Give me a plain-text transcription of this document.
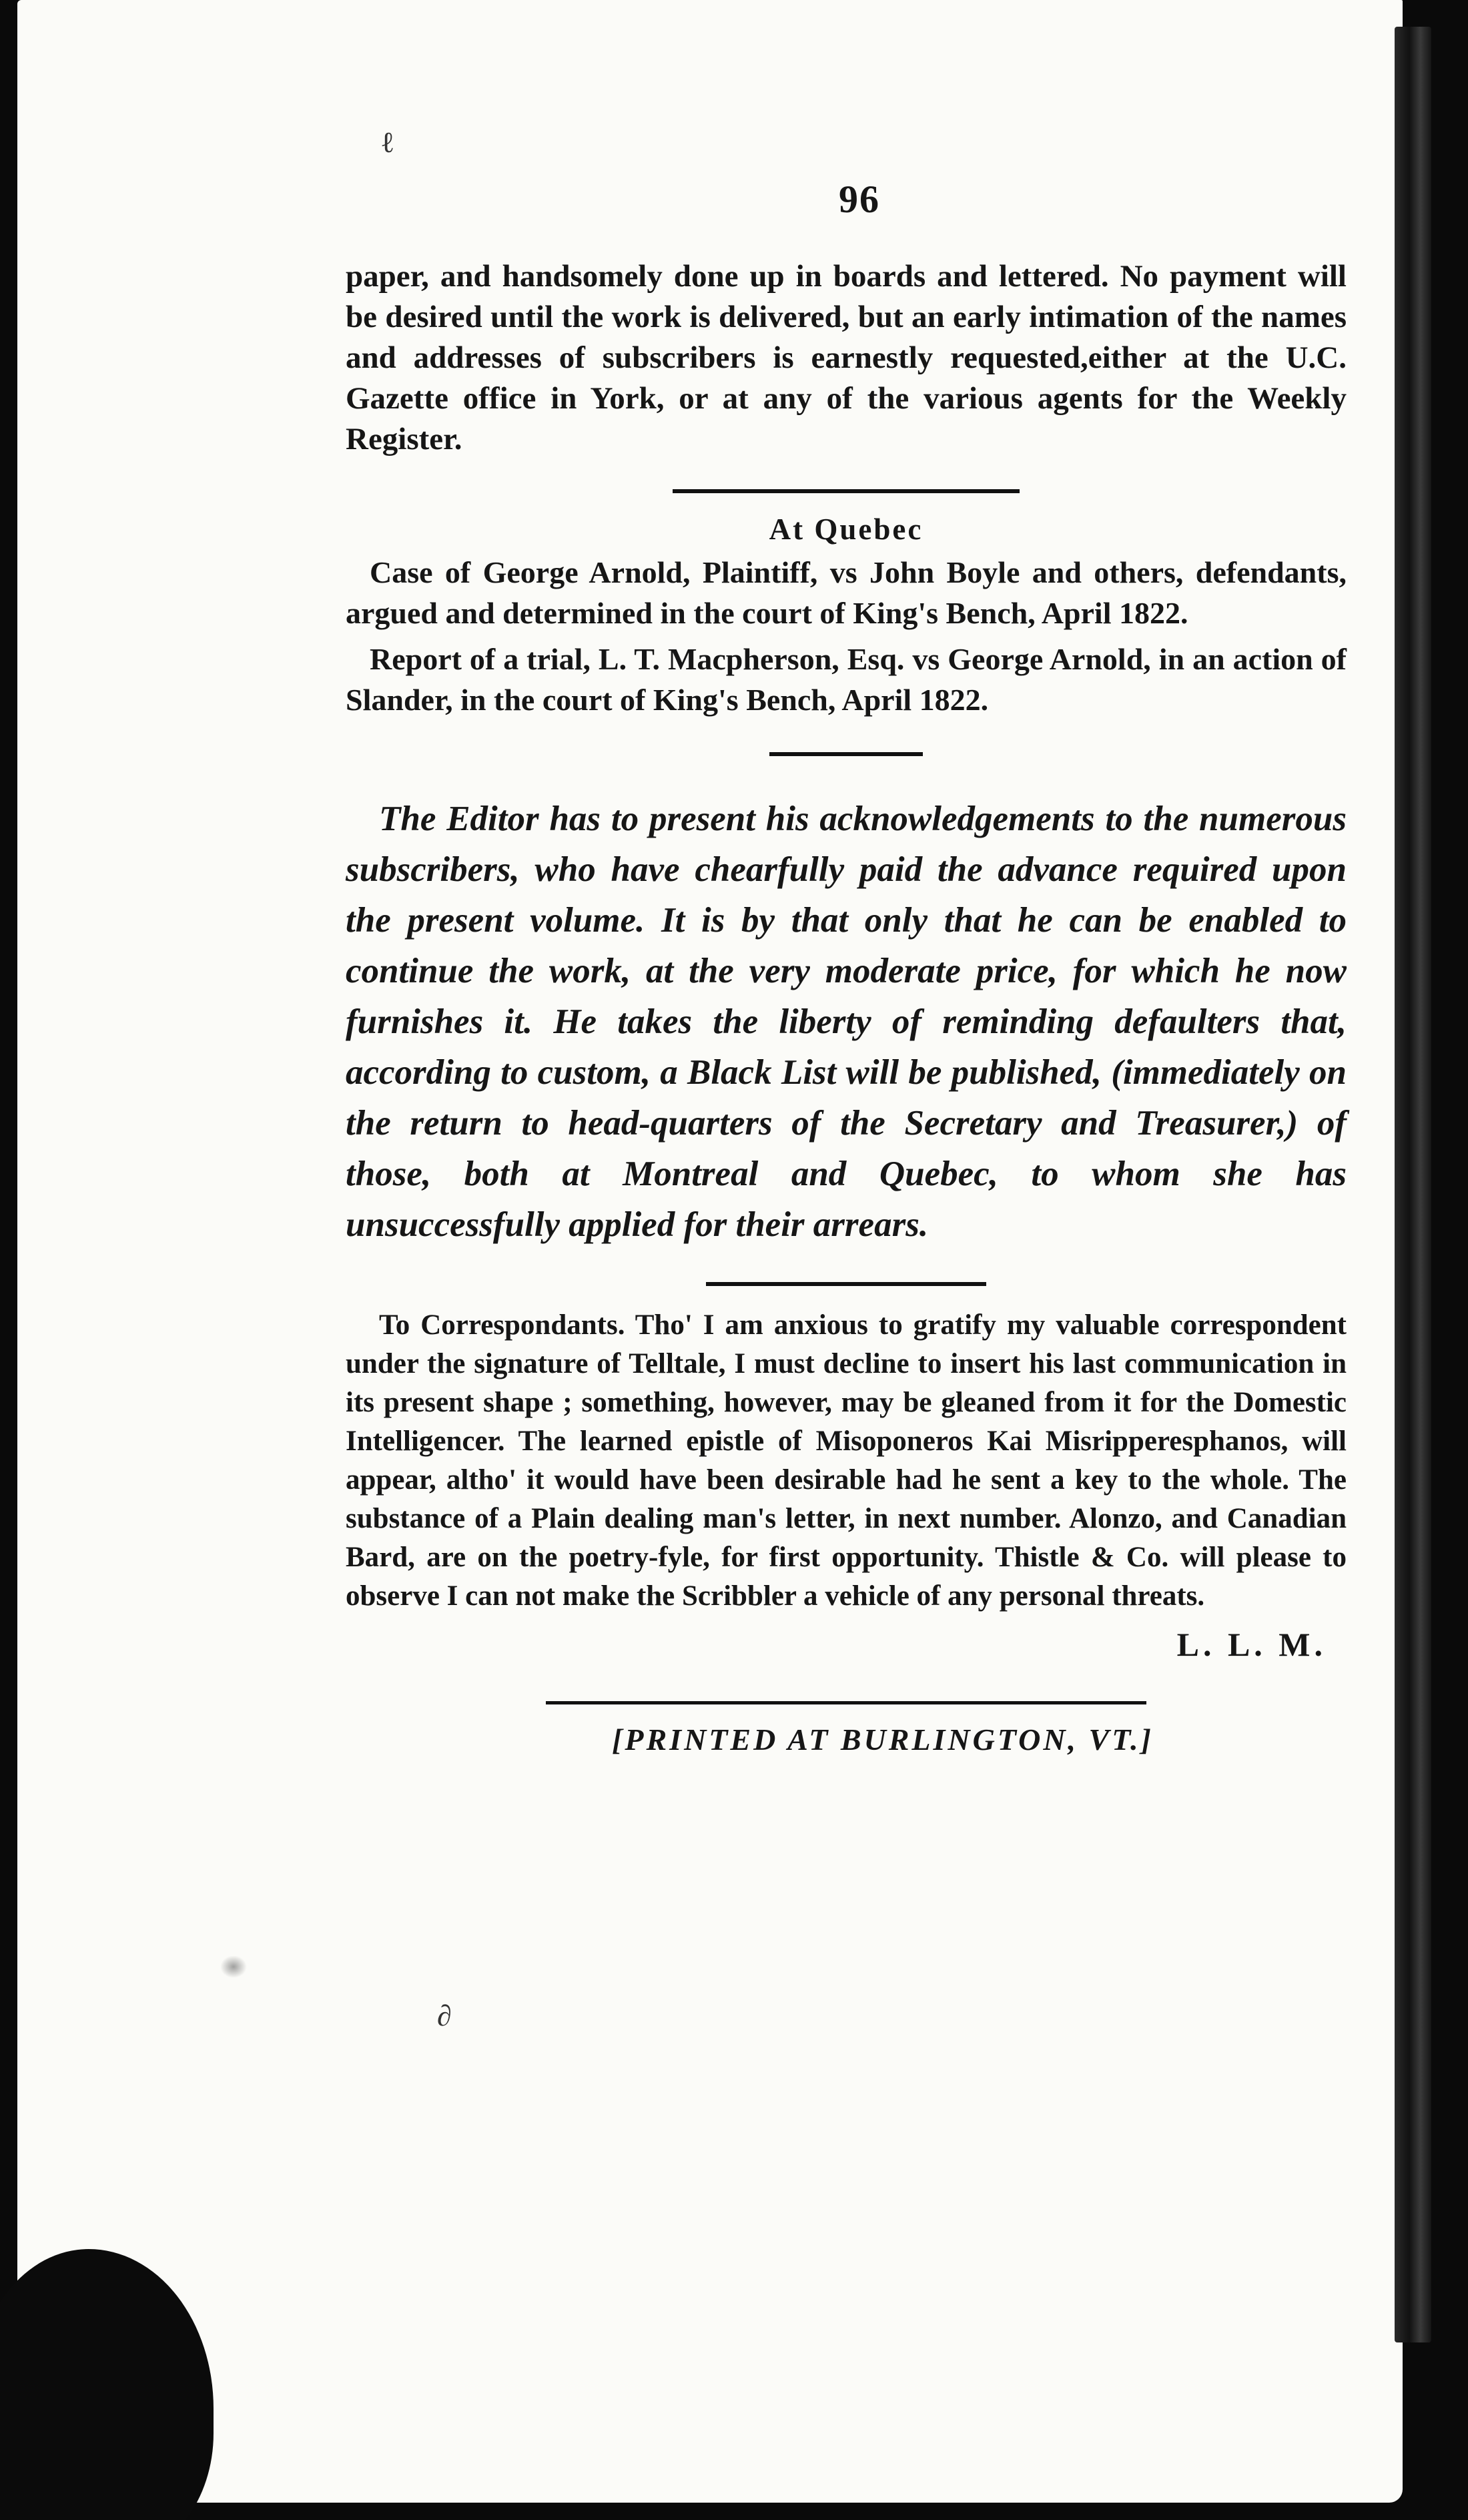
ℓ
∂
96

paper, and handsomely done up in boards and lettered. No payment will be desired until the work is delivered, but an early intimation of the names and addresses of subscribers is earnestly requested,either at the U.C. Gazette office in York, or at any of the various agents for the Weekly Register.

At Quebec

Case of George Arnold, Plaintiff, vs John Boyle and others, defendants, argued and determined in the court of King's Bench, April 1822.

Report of a trial, L. T. Macpherson, Esq. vs George Arnold, in an action of Slander, in the court of King's Bench, April 1822.

The Editor has to present his acknowledgements to the numerous subscribers, who have chearfully paid the advance required upon the present volume. It is by that only that he can be enabled to continue the work, at the very moderate price, for which he now furnishes it. He takes the liberty of reminding defaulters that, according to custom, a Black List will be published, (immediately on the return to head-quarters of the Secretary and Treasurer,) of those, both at Montreal and Quebec, to whom she has unsuccessfully applied for their arrears.

To Correspondants. Tho' I am anxious to gratify my valuable correspondent under the signature of Telltale, I must decline to insert his last communication in its present shape ; something, however, may be gleaned from it for the Domestic Intelligencer. The learned epistle of Misoponeros Kai Misripperesphanos, will appear, altho' it would have been desirable had he sent a key to the whole. The substance of a Plain dealing man's letter, in next number. Alonzo, and Canadian Bard, are on the poetry-fyle, for first opportunity. Thistle & Co. will please to observe I can not make the Scribbler a vehicle of any personal threats.

L. L. M.
[PRINTED AT BURLINGTON, VT.]
